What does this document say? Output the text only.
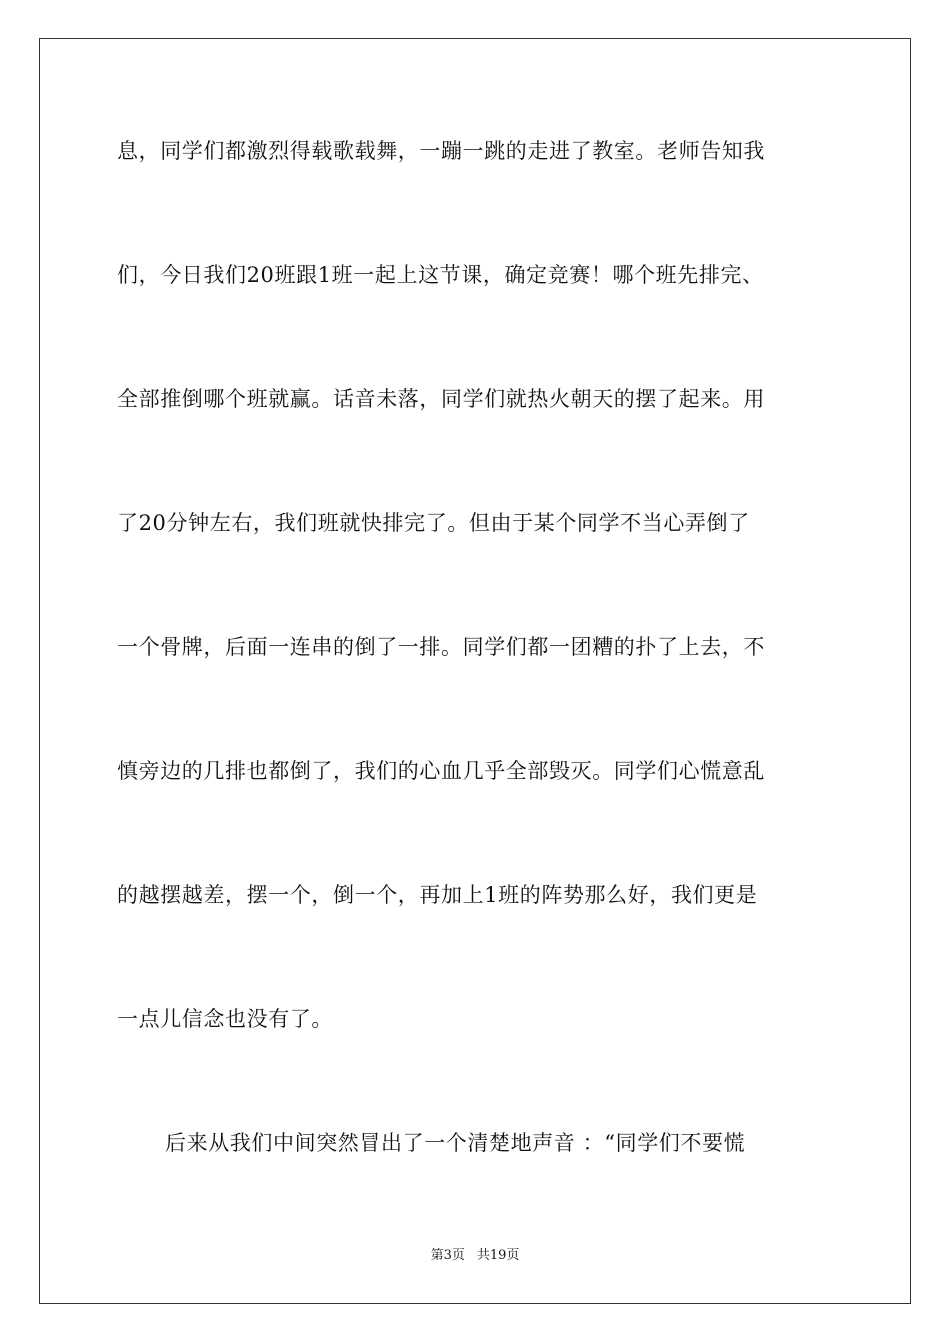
息，同学们都激烈得载歌载舞，一蹦一跳的走进了教室。老师告知我
们，今日我们20班跟1班一起上这节课，确定竞赛！哪个班先排完、
全部推倒哪个班就赢。话音未落，同学们就热火朝天的摆了起来。用
了20分钟左右，我们班就快排完了。但由于某个同学不当心弄倒了
一个骨牌，后面一连串的倒了一排。同学们都一团糟的扑了上去，不
慎旁边的几排也都倒了，我们的心血几乎全部毁灭。同学们心慌意乱
的越摆越差，摆一个，倒一个，再加上1班的阵势那么好，我们更是
一点儿信念也没有了。
后来从我们中间突然冒出了一个清楚地声音 ：“同学们不要慌
第3页 共19页
